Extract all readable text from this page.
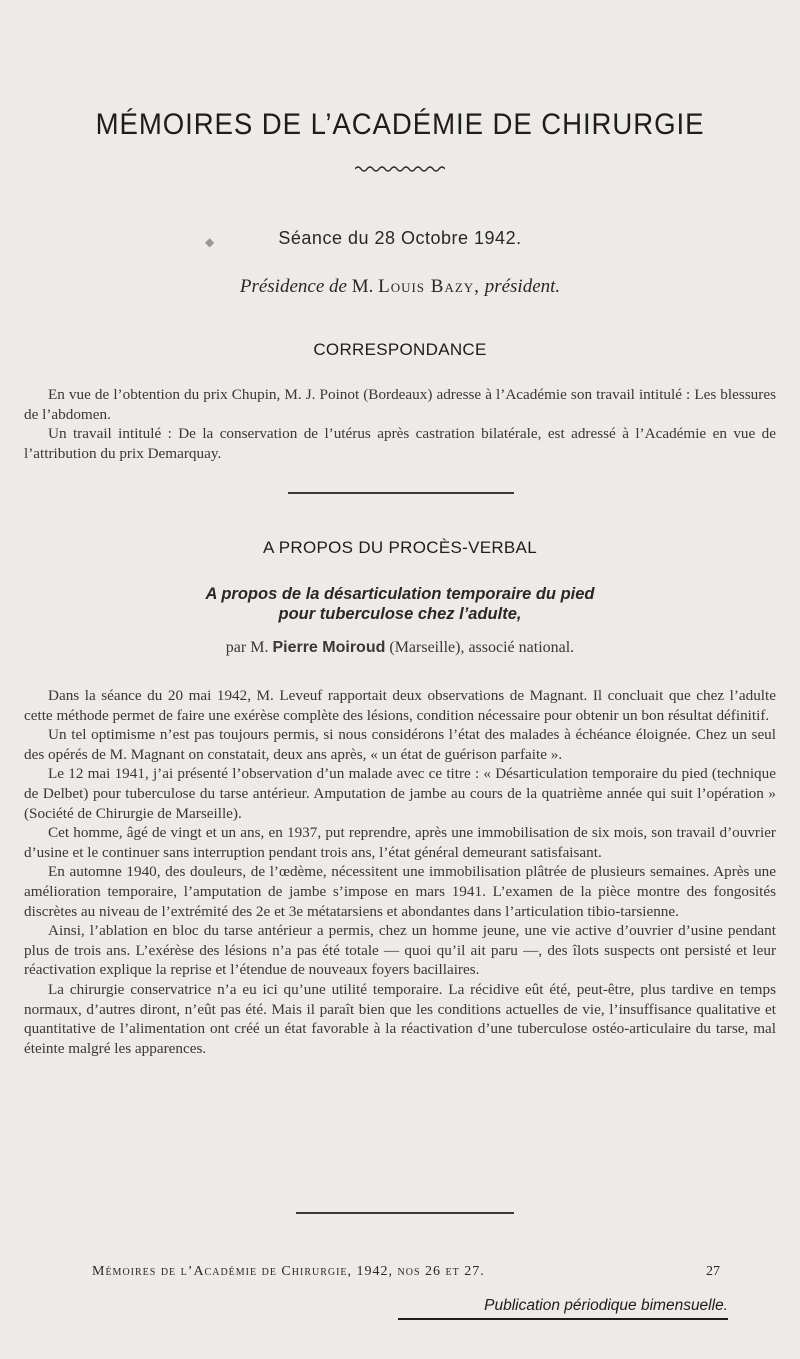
MÉMOIRES DE L’ACADÉMIE DE CHIRURGIE
◆	Séance du 28 Octobre 1942.
Présidence de M. Louis Bazy, président.
CORRESPONDANCE

En vue de l’obtention du prix Chupin, M. J. Poinot (Bordeaux) adresse à l’Académie son travail intitulé : Les blessures de l’abdomen.

Un travail intitulé : De la conservation de l’utérus après castration bilatérale, est adressé à l’Académie en vue de l’attribution du prix Demarquay.

A PROPOS DU PROCÈS-VERBAL
A propos de la désarticulation temporaire du pied
pour tuberculose chez l’adulte,
par M. Pierre Moiroud (Marseille), associé national.

Dans la séance du 20 mai 1942, M. Leveuf rapportait deux observations de Magnant. Il concluait que chez l’adulte cette méthode permet de faire une exérèse complète des lésions, condition nécessaire pour obtenir un bon résultat définitif.

Un tel optimisme n’est pas toujours permis, si nous considérons l’état des malades à échéance éloignée. Chez un seul des opérés de M. Magnant on constatait, deux ans après, « un état de guérison parfaite ».

Le 12 mai 1941, j’ai présenté l’observation d’un malade avec ce titre : « Désarticulation temporaire du pied (technique de Delbet) pour tuberculose du tarse antérieur. Amputation de jambe au cours de la quatrième année qui suit l’opération » (Société de Chirurgie de Marseille).

Cet homme, âgé de vingt et un ans, en 1937, put reprendre, après une immobilisation de six mois, son travail d’ouvrier d’usine et le continuer sans interruption pendant trois ans, l’état général demeurant satisfaisant.

En automne 1940, des douleurs, de l’œdème, nécessitent une immobilisation plâtrée de plusieurs semaines. Après une amélioration temporaire, l’amputation de jambe s’impose en mars 1941. L’examen de la pièce montre des fongosités discrètes au niveau de l’extrémité des 2e et 3e métatarsiens et abondantes dans l’articulation tibio-tarsienne.

Ainsi, l’ablation en bloc du tarse antérieur a permis, chez un homme jeune, une vie active d’ouvrier d’usine pendant plus de trois ans. L’exérèse des lésions n’a pas été totale — quoi qu’il ait paru —, des îlots suspects ont persisté et leur réactivation explique la reprise et l’étendue de nouveaux foyers bacillaires.

La chirurgie conservatrice n’a eu ici qu’une utilité temporaire. La récidive eût été, peut-être, plus tardive en temps normaux, d’autres diront, n’eût pas été. Mais il paraît bien que les conditions actuelles de vie, l’insuffisance qualitative et quantitative de l’alimentation ont créé un état favorable à la réactivation d’une tuberculose ostéo-articulaire du tarse, mal éteinte malgré les apparences.

Mémoires de l’Académie de Chirurgie, 1942, nos 26 et 27.	27
Publication périodique bimensuelle.
